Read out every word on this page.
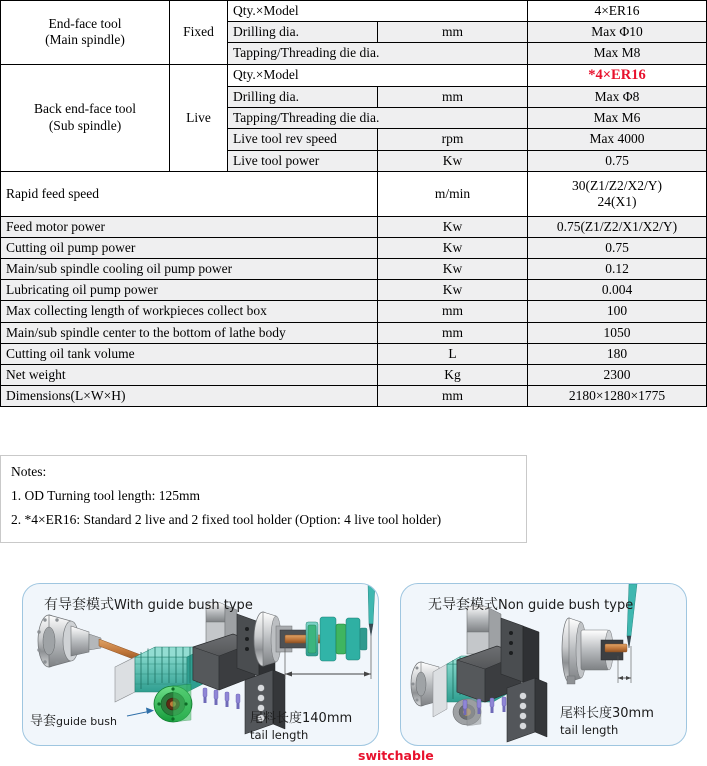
End-face tool
(Main spindle)	Fixed	Qty.×Model		4×ER16
		Drilling dia.	mm	Max Φ10
		Tapping/Threading die dia.		Max M8

Back end-face tool
(Sub spindle)	Live	Qty.×Model		*4×ER16
		Drilling dia.	mm	Max Φ8
		Tapping/Threading die dia.		Max M6
		Live tool rev speed	rpm	Max 4000
		Live tool power	Kw	0.75
Rapid feed speed			m/min	30(Z1/Z2/X2/Y)
24(X1)

Feed motor power			Kw	0.75(Z1/Z2/X1/X2/Y)
Cutting oil pump power			Kw	0.75
Main/sub spindle cooling oil pump power			Kw	0.12
Lubricating oil pump power			Kw	0.004
Max collecting length of workpieces collect box			mm	100
Main/sub spindle center to the bottom of lathe body			mm	1050
Cutting oil tank volume			L	180
Net weight			Kg	2300
Dimensions(L×W×H)			mm	2180×1280×1775
Notes:
1. OD Turning tool length: 125mm
2. *4×ER16: Standard 2 live and 2 fixed tool holder (Option: 4 live tool holder)
有导套模式With guide bush type
导套guide bush	尾料长度140mm
tail length
无导套模式Non guide bush type
尾料长度30mm
tail length
switchable
